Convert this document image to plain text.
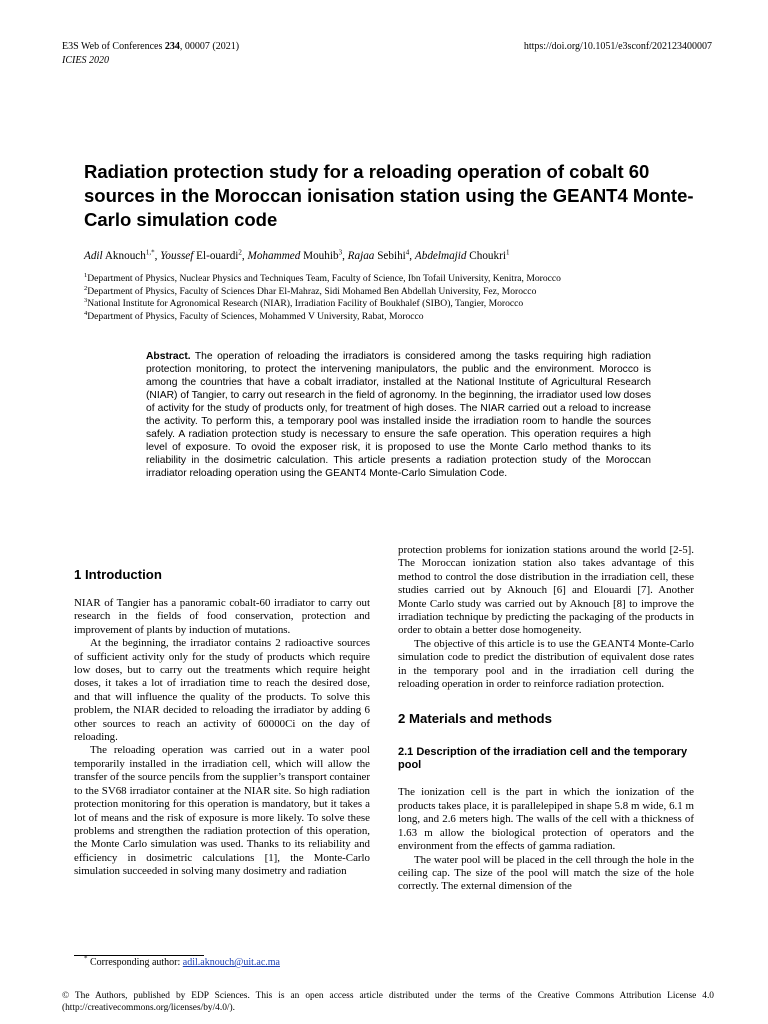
E3S Web of Conferences 234, 00007 (2021)
ICIES 2020
https://doi.org/10.1051/e3sconf/202123400007
Radiation protection study for a reloading operation of cobalt 60 sources in the Moroccan ionisation station using the GEANT4 Monte-Carlo simulation code
Adil Aknouch$^{1,*}$, Youssef El-ouardi$^2$, Mohammed Mouhib$^3$, Rajaa Sebihi$^4$, Abdelmajid Choukri$^1$
$^1$Department of Physics, Nuclear Physics and Techniques Team, Faculty of Science, Ibn Tofail University, Kenitra, Morocco
$^2$Department of Physics, Faculty of Sciences Dhar El-Mahraz, Sidi Mohamed Ben Abdellah University, Fez, Morocco
$^3$National Institute for Agronomical Research (NIAR), Irradiation Facility of Boukhalef (SIBO), Tangier, Morocco
$^4$Department of Physics, Faculty of Sciences, Mohammed V University, Rabat, Morocco
Abstract. The operation of reloading the irradiators is considered among the tasks requiring high radiation protection monitoring, to protect the intervening manipulators, the public and the environment. Morocco is among the countries that have a cobalt irradiator, installed at the National Institute of Agricultural Research (NIAR) of Tangier, to carry out research in the field of agronomy. In the beginning, the irradiator used low doses of activity for the study of products only, for treatment of high doses. The NIAR carried out a reload to increase the activity. To perform this, a temporary pool was installed inside the irradiation room to handle the sources safely. A radiation protection study is necessary to ensure the safe operation. This operation requires a high level of exposure. To ovoid the exposer risk, it is proposed to use the Monte Carlo method thanks to its reliability in the dosimetric calculation. This article presents a radiation protection study of the Moroccan irradiator reloading operation using the GEANT4 Monte-Carlo Simulation Code.
1 Introduction

NIAR of Tangier has a panoramic cobalt-60 irradiator to carry out research in the fields of food conservation, protection and improvement of plants by induction of mutations.

At the beginning, the irradiator contains 2 radioactive sources of sufficient activity only for the study of products which require low doses, but to carry out the treatments which require height doses, it takes a lot of irradiation time to reach the desired dose, and that will influence the quality of the products. To solve this problem, the NIAR decided to reloading the irradiator by adding 6 other sources to reach an activity of 60000Ci on the day of reloading.

The reloading operation was carried out in a water pool temporarily installed in the irradiation cell, which will allow the transfer of the source pencils from the supplier’s transport container to the SV68 irradiator container at the NIAR site. So high radiation protection monitoring for this operation is mandatory, but it takes a lot of means and the risk of exposure is more likely. To solve these problems and strengthen the radiation protection of this operation, the Monte Carlo simulation was used. Thanks to its reliability and efficiency in dosimetric calculations [1], the Monte-Carlo simulation succeeded in solving many dosimetry and radiation

protection problems for ionization stations around the world [2-5]. The Moroccan ionization station also takes advantage of this method to control the dose distribution in the irradiation cell, these studies carried out by Aknouch [6] and Elouardi [7]. Another Monte Carlo study was carried out by Aknouch [8] to improve the irradiation technique by predicting the packaging of the products in order to obtain a better dose homogeneity.

The objective of this article is to use the GEANT4 Monte-Carlo simulation code to predict the distribution of equivalent dose rates in the temporary pool and in the irradiation cell during the reloading operation in order to reinforce radiation protection.

2 Materials and methods
2.1 Description of the irradiation cell and the temporary pool

The ionization cell is the part in which the ionization of the products takes place, it is parallelepiped in shape 5.8 m wide, 6.1 m long, and 2.6 meters high. The walls of the cell with a thickness of 1.63 m allow the biological protection of operators and the environment from the effects of gamma radiation.

The water pool will be placed in the cell through the hole in the ceiling cap. The size of the pool will match the size of the hole correctly. The external dimension of the

* Corresponding author: adil.aknouch@uit.ac.ma
© The Authors, published by EDP Sciences. This is an open access article distributed under the terms of the Creative Commons Attribution License 4.0 (http://creativecommons.org/licenses/by/4.0/).
